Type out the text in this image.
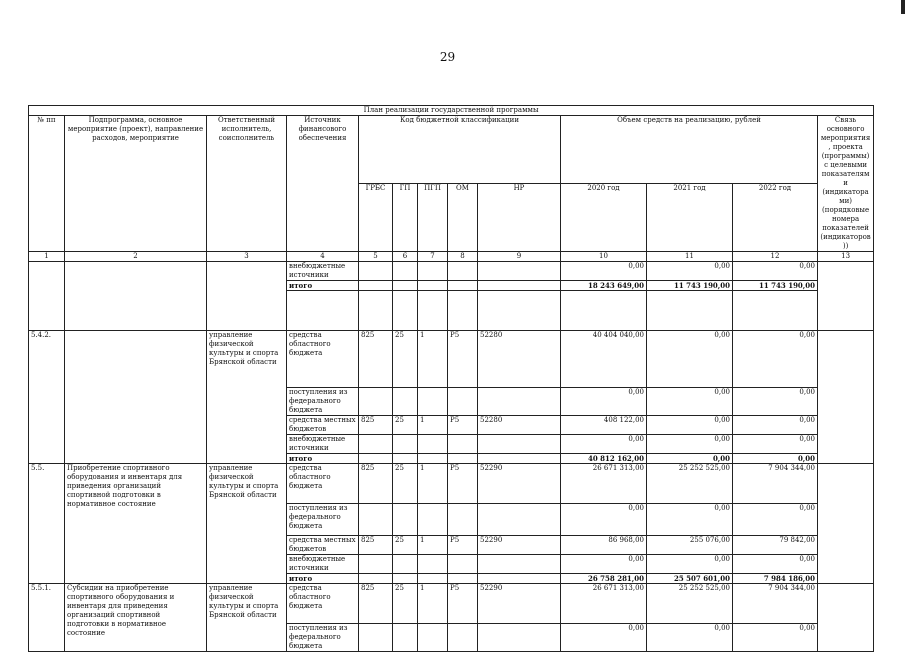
29
План реализации государственной программы												
№ пп	Подпрограмма, основное мероприятие (проект), направление расходов, мероприятие	Ответственный исполнитель, соисполнитель	Источник финансового обеспечения	Код бюджетной классификации					Объем средств на реализацию, рублей			Связь основного мероприятия, проекта (программы) с целевыми показателями (индикаторами) (порядковые номера показателей (индикаторов))
				ГРБС	ГП	ПГП	ОМ	НР	2020 год	2021 год	2022 год	
1	2	3	4	5	6	7	8	9	10	11	12	13
			внебюджетные источники						0,00	0,00	0,00	
			итого						18 243 649,00	11 743 190,00	11 743 190,00	

5.4.2.		управление физической культуры и спорта Брянской области	средства областного бюджета	825	25	1	Р5	52280	40 404 040,00	0,00	0,00	
			поступления из федерального бюджета						0,00	0,00	0,00	
			средства местных бюджетов	825	25	1	Р5	52280	408 122,00	0,00	0,00	
			внебюджетные источники						0,00	0,00	0,00	
			итого						40 812 162,00	0,00	0,00	
5.5.	Приобретение спортивного оборудования и инвентаря для приведения организаций спортивной подготовки в нормативное состояние	управление физической культуры и спорта Брянской области	средства областного бюджета	825	25	1	Р5	52290	26 671 313,00	25 252 525,00	7 904 344,00	
			поступления из федерального бюджета						0,00	0,00	0,00	
			средства местных бюджетов	825	25	1	Р5	52290	86 968,00	255 076,00	79 842,00	
			внебюджетные источники						0,00	0,00	0,00	
			итого						26 758 281,00	25 507 601,00	7 984 186,00	
5.5.1.	Субсидии на приобретение спортивного оборудования и инвентаря для приведения организаций спортивной подготовки в нормативное состояние	управление физической культуры и спорта Брянской области	средства областного бюджета	825	25	1	Р5	52290	26 671 313,00	25 252 525,00	7 904 344,00	
			поступления из федерального бюджета						0,00	0,00	0,00	
